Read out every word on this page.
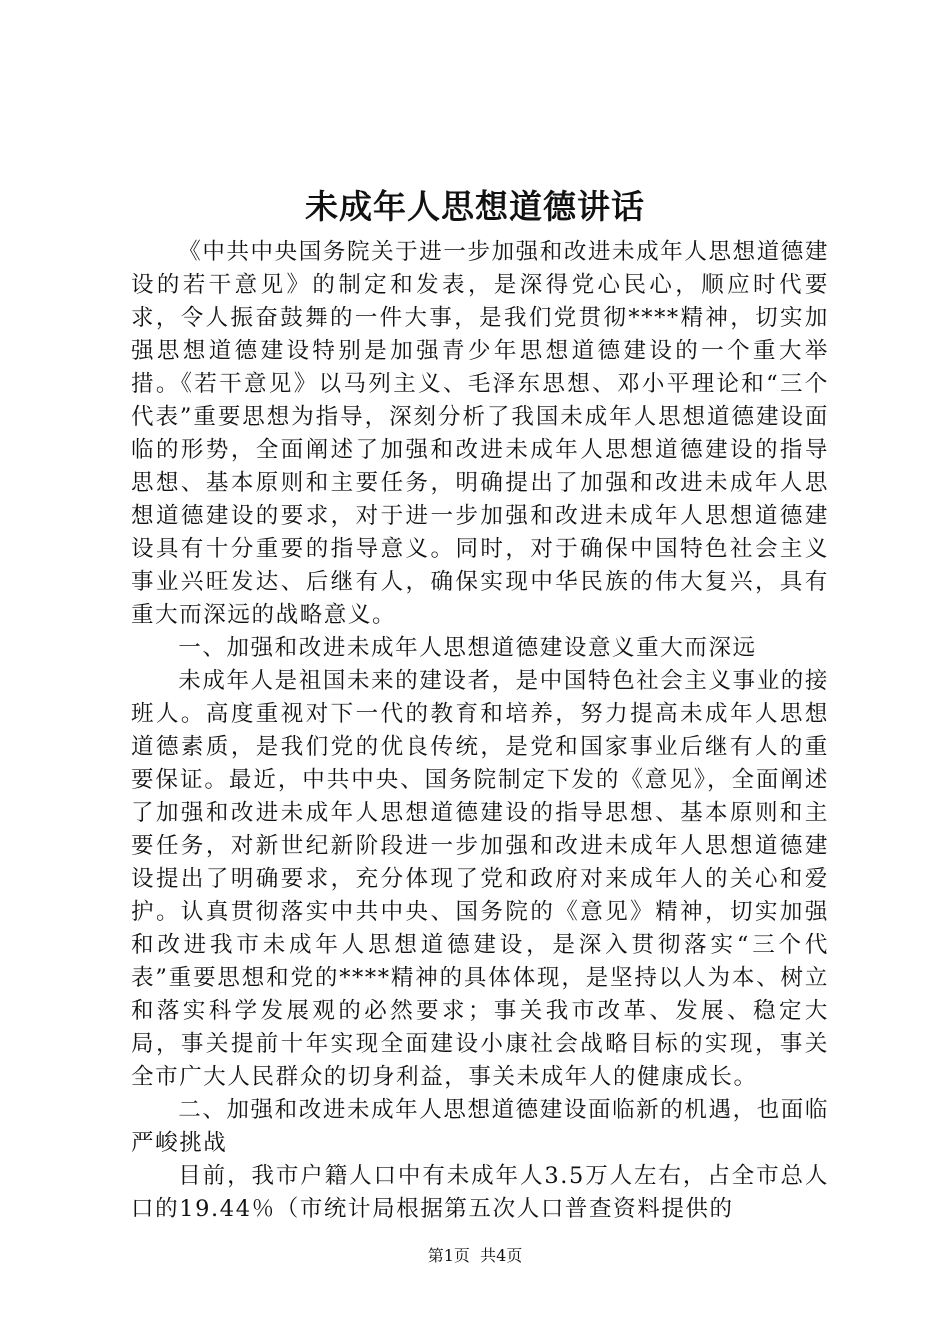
未成年人思想道德讲话

《中共中央国务院关于进一步加强和改进未成年人思想道德建设的若干意见》的制定和发表，是深得党心民心，顺应时代要求，令人振奋鼓舞的一件大事，是我们党贯彻****精神，切实加强思想道德建设特别是加强青少年思想道德建设的一个重大举措。《若干意见》以马列主义、毛泽东思想、邓小平理论和“三个代表”重要思想为指导，深刻分析了我国未成年人思想道德建设面临的形势，全面阐述了加强和改进未成年人思想道德建设的指导思想、基本原则和主要任务，明确提出了加强和改进未成年人思想道德建设的要求，对于进一步加强和改进未成年人思想道德建设具有十分重要的指导意义。同时，对于确保中国特色社会主义事业兴旺发达、后继有人，确保实现中华民族的伟大复兴，具有重大而深远的战略意义。

一、加强和改进未成年人思想道德建设意义重大而深远

未成年人是祖国未来的建设者，是中国特色社会主义事业的接班人。高度重视对下一代的教育和培养，努力提高未成年人思想道德素质，是我们党的优良传统，是党和国家事业后继有人的重要保证。最近，中共中央、国务院制定下发的《意见》，全面阐述了加强和改进未成年人思想道德建设的指导思想、基本原则和主要任务，对新世纪新阶段进一步加强和改进未成年人思想道德建设提出了明确要求，充分体现了党和政府对来成年人的关心和爱护。认真贯彻落实中共中央、国务院的《意见》精神，切实加强和改进我市未成年人思想道德建设，是深入贯彻落实“三个代表”重要思想和党的****精神的具体体现，是坚持以人为本、树立和落实科学发展观的必然要求；事关我市改革、发展、稳定大局，事关提前十年实现全面建设小康社会战略目标的实现，事关全市广大人民群众的切身利益，事关未成年人的健康成长。

二、加强和改进未成年人思想道德建设面临新的机遇，也面临严峻挑战

目前，我市户籍人口中有未成年人3.5万人左右，占全市总人口的19.44％（市统计局根据第五次人口普查资料提供的

第1页  共4页
